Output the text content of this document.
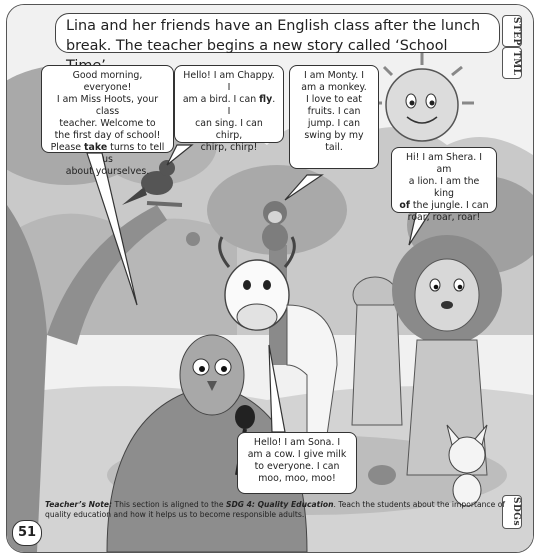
Lina and her friends have an English class after the lunch break. The teacher begins a new story called ‘School
STEP
TML
SDGs
Good morning, everyone!
I am Miss Hoots, your class
teacher. Welcome to
the first day of school!
Please take turns to tell us
about yourselves.
Hello! I am Chappy. I
am a bird. I can fly. I
can sing. I can chirp,
chirp, chirp!
I am Monty. I
am a monkey.
I love to eat
fruits. I can
jump. I can
swing by my tail.
Hi! I am Shera. I am
a lion. I am the king
of the jungle. I can
roar, roar, roar!
Hello! I am Sona. I
am a cow. I give milk
to everyone. I can
moo, moo, moo!
Teacher’s Note: This section is aligned to the SDG 4: Quality Education. Teach the students about the importance of quality education and how it helps us to become responsible adults.
51
